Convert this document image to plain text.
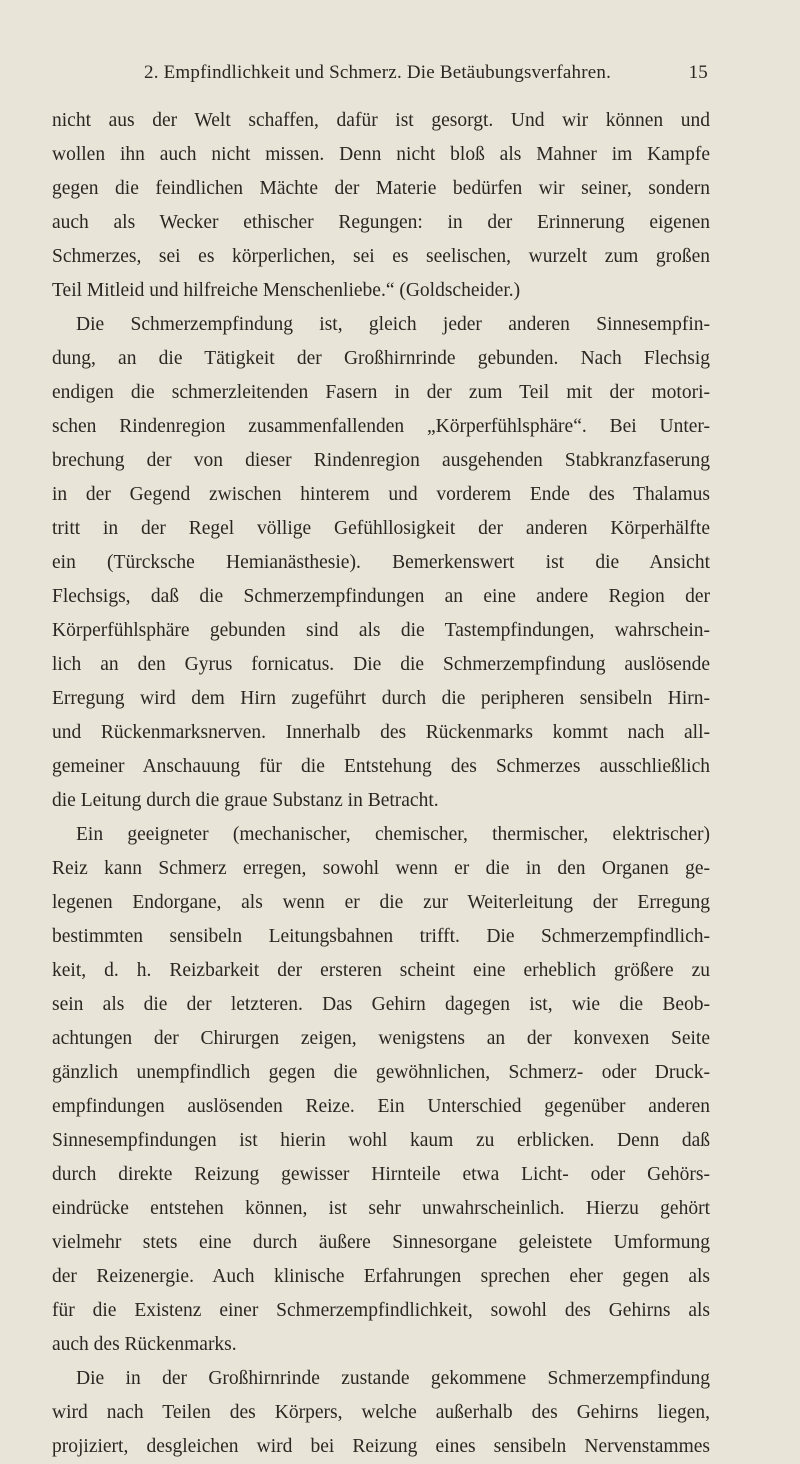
2. Empfindlichkeit und Schmerz. Die Betäubungsverfahren.	15
nicht aus der Welt schaffen, dafür ist gesorgt. Und wir können und
wollen ihn auch nicht missen. Denn nicht bloß als Mahner im Kampfe
gegen die feindlichen Mächte der Materie bedürfen wir seiner, sondern
auch als Wecker ethischer Regungen: in der Erinnerung eigenen
Schmerzes, sei es körperlichen, sei es seelischen, wurzelt zum großen
Teil Mitleid und hilfreiche Menschenliebe.“ (Goldscheider.)
Die Schmerzempfindung ist, gleich jeder anderen Sinnesempfin-
dung, an die Tätigkeit der Großhirnrinde gebunden. Nach Flechsig
endigen die schmerzleitenden Fasern in der zum Teil mit der motori-
schen Rindenregion zusammenfallenden „Körperfühlsphäre“. Bei Unter-
brechung der von dieser Rindenregion ausgehenden Stabkranzfaserung
in der Gegend zwischen hinterem und vorderem Ende des Thalamus
tritt in der Regel völlige Gefühllosigkeit der anderen Körperhälfte
ein (Türcksche Hemianästhesie). Bemerkenswert ist die Ansicht
Flechsigs, daß die Schmerzempfindungen an eine andere Region der
Körperfühlsphäre gebunden sind als die Tastempfindungen, wahrschein-
lich an den Gyrus fornicatus. Die die Schmerzempfindung auslösende
Erregung wird dem Hirn zugeführt durch die peripheren sensibeln Hirn-
und Rückenmarksnerven. Innerhalb des Rückenmarks kommt nach all-
gemeiner Anschauung für die Entstehung des Schmerzes ausschließlich
die Leitung durch die graue Substanz in Betracht.
Ein geeigneter (mechanischer, chemischer, thermischer, elektrischer)
Reiz kann Schmerz erregen, sowohl wenn er die in den Organen ge-
legenen Endorgane, als wenn er die zur Weiterleitung der Erregung
bestimmten sensibeln Leitungsbahnen trifft. Die Schmerzempfindlich-
keit, d. h. Reizbarkeit der ersteren scheint eine erheblich größere zu
sein als die der letzteren. Das Gehirn dagegen ist, wie die Beob-
achtungen der Chirurgen zeigen, wenigstens an der konvexen Seite
gänzlich unempfindlich gegen die gewöhnlichen, Schmerz- oder Druck-
empfindungen auslösenden Reize. Ein Unterschied gegenüber anderen
Sinnesempfindungen ist hierin wohl kaum zu erblicken. Denn daß
durch direkte Reizung gewisser Hirnteile etwa Licht- oder Gehörs-
eindrücke entstehen können, ist sehr unwahrscheinlich. Hierzu gehört
vielmehr stets eine durch äußere Sinnesorgane geleistete Umformung
der Reizenergie. Auch klinische Erfahrungen sprechen eher gegen als
für die Existenz einer Schmerzempfindlichkeit, sowohl des Gehirns als
auch des Rückenmarks.
Die in der Großhirnrinde zustande gekommene Schmerzempfindung
wird nach Teilen des Körpers, welche außerhalb des Gehirns liegen,
projiziert, desgleichen wird bei Reizung eines sensibeln Nervenstammes
